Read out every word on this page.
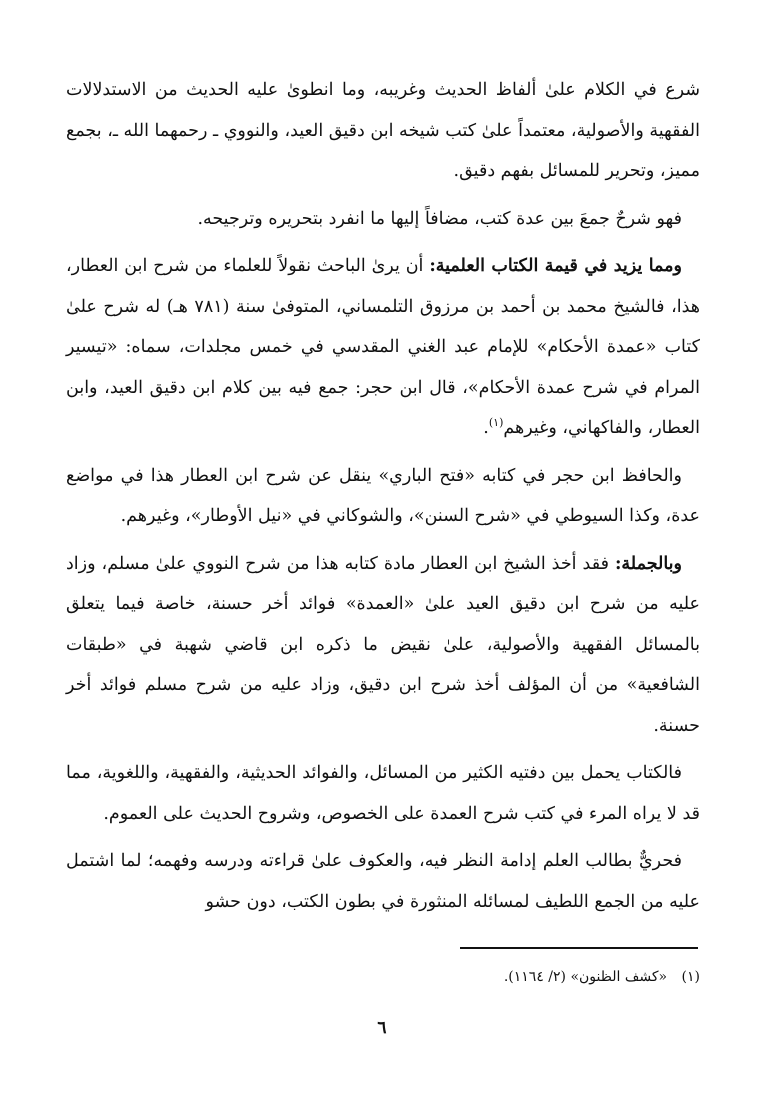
شرع في الكلام علىٰ ألفاظ الحديث وغريبه، وما انطوىٰ عليه الحديث من الاستدلالات الفقهية والأصولية، معتمداً علىٰ كتب شيخه ابن دقيق العيد، والنووي ـ رحمهما الله ـ، بجمع مميز، وتحرير للمسائل بفهم دقيق.

فهو شرحٌ جمعَ بين عدة كتب، مضافاً إليها ما انفرد بتحريره وترجيحه.

ومما يزيد في قيمة الكتاب العلمية: أن يرىٰ الباحث نقولاً للعلماء من شرح ابن العطار، هذا، فالشيخ محمد بن أحمد بن مرزوق التلمساني، المتوفىٰ سنة (٧٨١ هـ) له شرح علىٰ كتاب «عمدة الأحكام» للإمام عبد الغني المقدسي في خمس مجلدات، سماه: «تيسير المرام في شرح عمدة الأحكام»، قال ابن حجر: جمع فيه بين كلام ابن دقيق العيد، وابن العطار، والفاكهاني، وغيرهم$^{(١)}$.

والحافظ ابن حجر في كتابه «فتح الباري» ينقل عن شرح ابن العطار هذا في مواضع عدة، وكذا السيوطي في «شرح السنن»، والشوكاني في «نيل الأوطار»، وغيرهم.

وبالجملة: فقد أخذ الشيخ ابن العطار مادة كتابه هذا من شرح النووي علىٰ مسلم، وزاد عليه من شرح ابن دقيق العيد علىٰ «العمدة» فوائد أخر حسنة، خاصة فيما يتعلق بالمسائل الفقهية والأصولية، علىٰ نقيض ما ذكره ابن قاضي شهبة في «طبقات الشافعية» من أن المؤلف أخذ شرح ابن دقيق، وزاد عليه من شرح مسلم فوائد أخر حسنة.

فالكتاب يحمل بين دفتيه الكثير من المسائل، والفوائد الحديثية، والفقهية، واللغوية، مما قد لا يراه المرء في كتب شرح العمدة على الخصوص، وشروح الحديث على العموم.

فحريٌّ بطالب العلم إدامة النظر فيه، والعكوف علىٰ قراءته ودرسه وفهمه؛ لما اشتمل عليه من الجمع اللطيف لمسائله المنثورة في بطون الكتب، دون حشو

(١) «كشف الظنون» (٢/ ١١٦٤).
٦
